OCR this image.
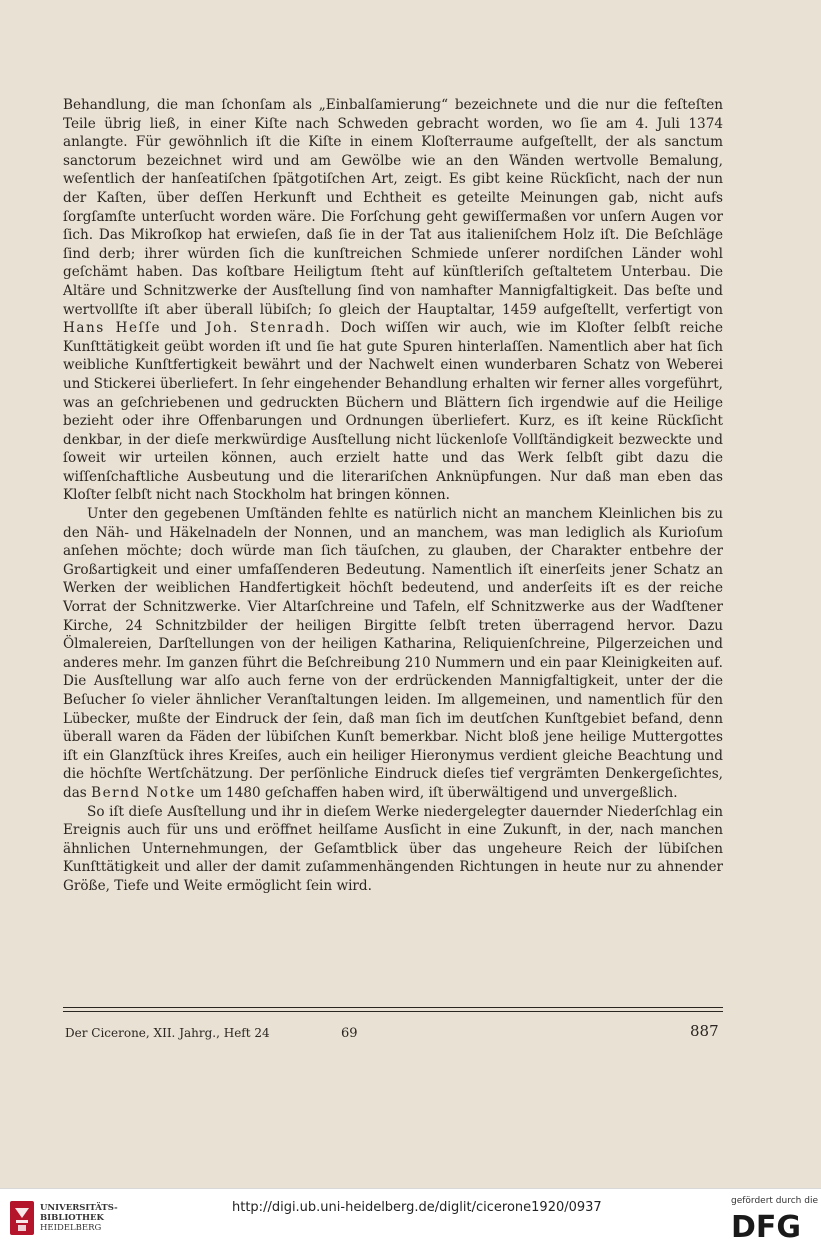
Behandlung, die man ſchonſam als „Einbalſamierung“ bezeichnete und die nur die feſteſten Teile übrig ließ, in einer Kiſte nach Schweden gebracht worden, wo ſie am 4. Juli 1374 anlangte. Für gewöhnlich iſt die Kiſte in einem Kloſterraume aufgeſtellt, der als sanctum sanctorum bezeichnet wird und am Gewölbe wie an den Wänden wertvolle Bemalung, weſentlich der hanſeatiſchen ſpätgotiſchen Art, zeigt. Es gibt keine Rückſicht, nach der nun der Kaſten, über deſſen Herkunft und Echtheit es geteilte Meinungen gab, nicht aufs ſorgſamſte unterſucht worden wäre. Die Forſchung geht gewiſſermaßen vor unſern Augen vor ſich. Das Mikroſkop hat erwieſen, daß ſie in der Tat aus italieniſchem Holz iſt. Die Beſchläge ſind derb; ihrer würden ſich die kunſtreichen Schmiede unſerer nordiſchen Länder wohl geſchämt haben. Das koſtbare Heiligtum ſteht auf künſtleriſch geſtaltetem Unterbau. Die Altäre und Schnitzwerke der Ausſtellung ſind von namhafter Mannigfaltigkeit. Das beſte und wertvollſte iſt aber überall lübiſch; ſo gleich der Hauptaltar, 1459 aufgeſtellt, verfertigt von Hans Heſſe und Joh. Stenradh. Doch wiſſen wir auch, wie im Kloſter ſelbſt reiche Kunſttätigkeit geübt worden iſt und ſie hat gute Spuren hinterlaſſen. Namentlich aber hat ſich weibliche Kunſtfertigkeit bewährt und der Nachwelt einen wunderbaren Schatz von Weberei und Stickerei überliefert. In ſehr eingehender Behandlung erhalten wir ferner alles vorgeführt, was an geſchriebenen und gedruckten Büchern und Blättern ſich irgendwie auf die Heilige bezieht oder ihre Offenbarungen und Ordnungen überliefert. Kurz, es iſt keine Rückſicht denkbar, in der dieſe merkwürdige Ausſtellung nicht lückenloſe Vollſtändigkeit bezweckte und ſoweit wir urteilen können, auch erzielt hatte und das Werk ſelbſt gibt dazu die wiſſenſchaftliche Ausbeutung und die literariſchen Anknüpfungen. Nur daß man eben das Kloſter ſelbſt nicht nach Stockholm hat bringen können.

Unter den gegebenen Umſtänden fehlte es natürlich nicht an manchem Kleinlichen bis zu den Näh- und Häkelnadeln der Nonnen, und an manchem, was man lediglich als Kurioſum anſehen möchte; doch würde man ſich täuſchen, zu glauben, der Charakter entbehre der Großartigkeit und einer umfaſſenderen Bedeutung. Namentlich iſt einerſeits jener Schatz an Werken der weiblichen Handfertigkeit höchſt bedeutend, und anderſeits iſt es der reiche Vorrat der Schnitzwerke. Vier Altarſchreine und Tafeln, elf Schnitzwerke aus der Wadſtener Kirche, 24 Schnitzbilder der heiligen Birgitte ſelbſt treten überragend hervor. Dazu Ölmalereien, Darſtellungen von der heiligen Katharina, Reliquienſchreine, Pilgerzeichen und anderes mehr. Im ganzen führt die Beſchreibung 210 Nummern und ein paar Kleinigkeiten auf. Die Ausſtellung war alſo auch ferne von der erdrückenden Mannigfaltigkeit, unter der die Beſucher ſo vieler ähnlicher Veranſtaltungen leiden. Im allgemeinen, und namentlich für den Lübecker, mußte der Eindruck der ſein, daß man ſich im deutſchen Kunſtgebiet befand, denn überall waren da Fäden der lübiſchen Kunſt bemerkbar. Nicht bloß jene heilige Muttergottes iſt ein Glanzſtück ihres Kreiſes, auch ein heiliger Hieronymus verdient gleiche Beachtung und die höchſte Wertſchätzung. Der perſönliche Eindruck dieſes tief vergrämten Denkergeſichtes, das Bernd Notke um 1480 geſchaffen haben wird, iſt überwältigend und unvergeßlich.

So iſt dieſe Ausſtellung und ihr in dieſem Werke niedergelegter dauernder Niederſchlag ein Ereignis auch für uns und eröffnet heilſame Ausſicht in eine Zukunft, in der, nach manchen ähnlichen Unternehmungen, der Geſamtblick über das ungeheure Reich der lübiſchen Kunſttätigkeit und aller der damit zuſammenhängenden Richtungen in heute nur zu ahnender Größe, Tiefe und Weite ermöglicht ſein wird.

Der Cicerone, XII. Jahrg., Heft 24	69	887
UNIVERSITÄTS-
BIBLIOTHEK
HEIDELBERG
http://digi.ub.uni-heidelberg.de/diglit/cicerone1920/0937	gefördert durch die
DFG
